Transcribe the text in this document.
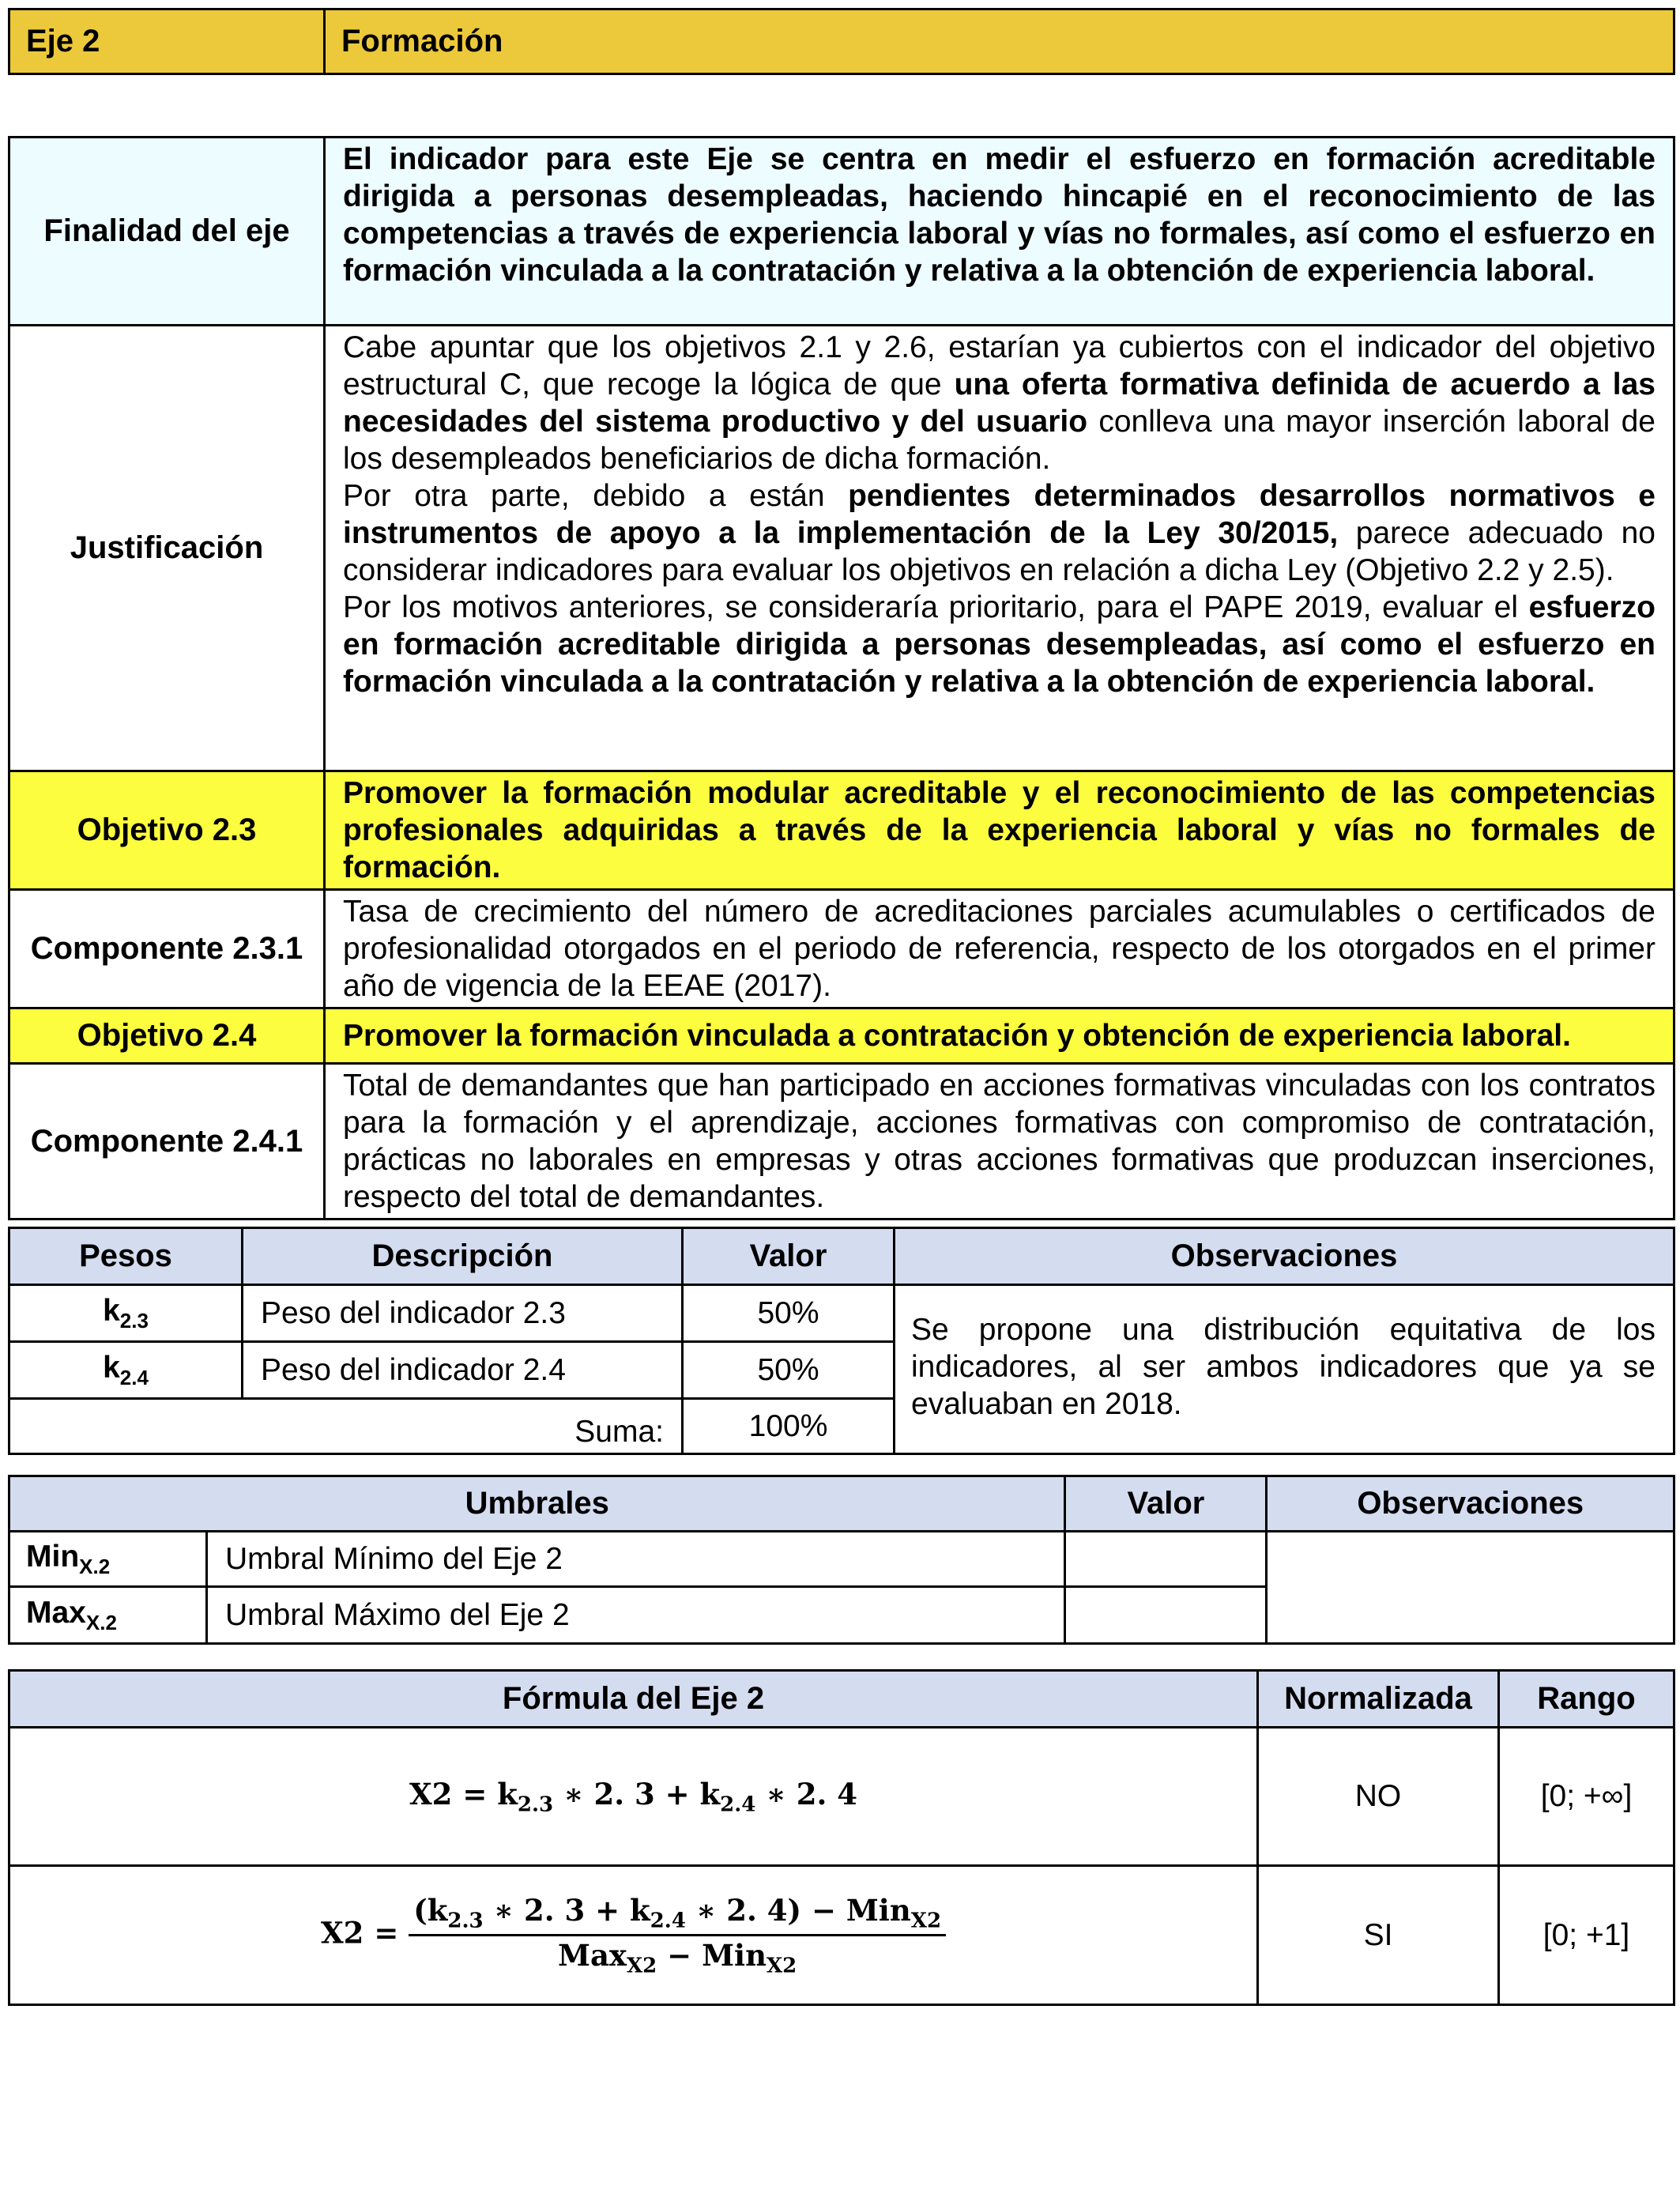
Eje 2	Formación
Finalidad del eje	El indicador para este Eje se centra en medir el esfuerzo en formación acreditable dirigida a personas desempleadas, haciendo hincapié en el reconocimiento de las competencias a través de experiencia laboral y vías no formales, así como el esfuerzo en formación vinculada a la contratación y relativa a la obtención de experiencia laboral.
Justificación	Cabe apuntar que los objetivos 2.1 y 2.6, estarían ya cubiertos con el indicador del objetivo estructural C, que recoge la lógica de que una oferta formativa definida de acuerdo a las necesidades del sistema productivo y del usuario conlleva una mayor inserción laboral de los desempleados beneficiarios de dicha formación.
Por otra parte, debido a están pendientes determinados desarrollos normativos e instrumentos de apoyo a la implementación de la Ley 30/2015, parece adecuado no considerar indicadores para evaluar los objetivos en relación a dicha Ley (Objetivo 2.2 y 2.5).
Por los motivos anteriores, se consideraría prioritario, para el PAPE 2019, evaluar el esfuerzo en formación acreditable dirigida a personas desempleadas, así como el esfuerzo en formación vinculada a la contratación y relativa a la obtención de experiencia laboral.

Objetivo 2.3	Promover la formación modular acreditable y el reconocimiento de las competencias profesionales adquiridas a través de la experiencia laboral y vías no formales de formación.
Componente 2.3.1	Tasa de crecimiento del número de acreditaciones parciales acumulables o certificados de profesionalidad otorgados en el periodo de referencia, respecto de los otorgados en el primer año de vigencia de la EEAE (2017).
Objetivo 2.4	Promover la formación vinculada a contratación y obtención de experiencia laboral.
Componente 2.4.1	Total de demandantes que han participado en acciones formativas vinculadas con los contratos para la formación y el aprendizaje, acciones formativas con compromiso de contratación, prácticas no laborales en empresas y otras acciones formativas que produzcan inserciones, respecto del total de demandantes.
Pesos	Descripción	Valor	Observaciones
$k_{2.3}$	Peso del indicador 2.3	50%	Se propone una distribución equitativa de los indicadores, al ser ambos indicadores que ya se evaluaban en 2018.
$k_{2.4}$	Peso del indicador 2.4	50%	
Suma:		100%	
Umbrales		Valor	Observaciones
Min$_{X.2}$	Umbral Mínimo del Eje 2		
Max$_{X.2}$	Umbral Máximo del Eje 2		
Fórmula del Eje 2	Normalizada	Rango
$X2 = k_{2.3}$ ∗ 2. $3 + k_{2.4}$ ∗ 2. 4	NO	[0; +∞]
$X2 = \frac{(k_{2.3} ∗ 2. 3 + k_{2.4} ∗ 2. 4) - Min_{X2}}{Max_{X2} - Min_{X2}}$	SI	[0; +1]
